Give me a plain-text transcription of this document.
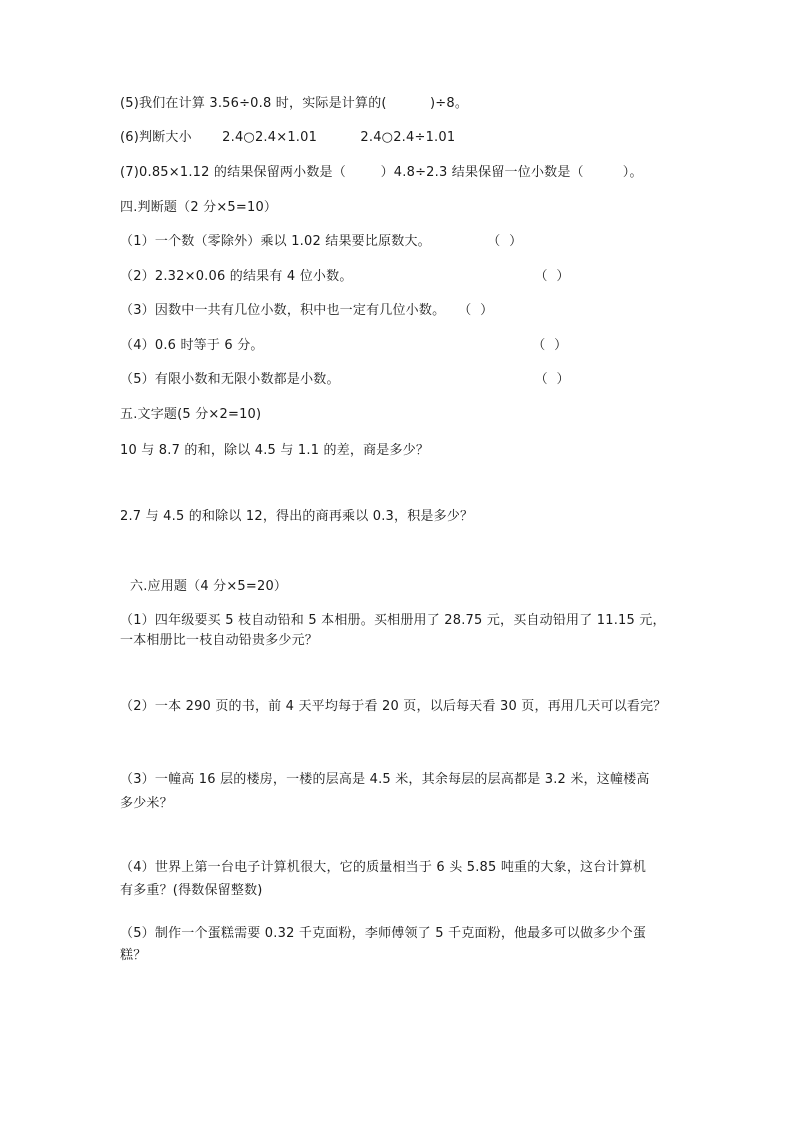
(5)我们在计算 3.56÷0.8 时，实际是计算的(          )÷8。
(6)判断大小       2.4○2.4×1.01          2.4○2.4÷1.01
(7)0.85×1.12 的结果保留两小数是（        ）4.8÷2.3 结果保留一位小数是（         ）。
四.判断题（2 分×5=10）
（1）一个数（零除外）乘以 1.02 结果要比原数大。             （  ）
（2）2.32×0.06 的结果有 4 位小数。                                          （  ）
（3）因数中一共有几位小数，积中也一定有几位小数。   （  ）
（4）0.6 时等于 6 分。                                                              （  ）
（5）有限小数和无限小数都是小数。                                             （  ）
五.文字题(5 分×2=10)
10 与 8.7 的和，除以 4.5 与 1.1 的差，商是多少？
2.7 与 4.5 的和除以 12，得出的商再乘以 0.3，积是多少？
六.应用题（4 分×5=20）
（1）四年级要买 5 枝自动铅和 5 本相册。买相册用了 28.75 元，买自动铅用了 11.15 元，
一本相册比一枝自动铅贵多少元？
（2）一本 290 页的书，前 4 天平均每于看 20 页，以后每天看 30 页，再用几天可以看完？
（3）一幢高 16 层的楼房，一楼的层高是 4.5 米，其余每层的层高都是 3.2 米，这幢楼高
多少米？
（4）世界上第一台电子计算机很大，它的质量相当于 6 头 5.85 吨重的大象，这台计算机
有多重？(得数保留整数)
（5）制作一个蛋糕需要 0.32 千克面粉，李师傅领了 5 千克面粉，他最多可以做多少个蛋
糕？
